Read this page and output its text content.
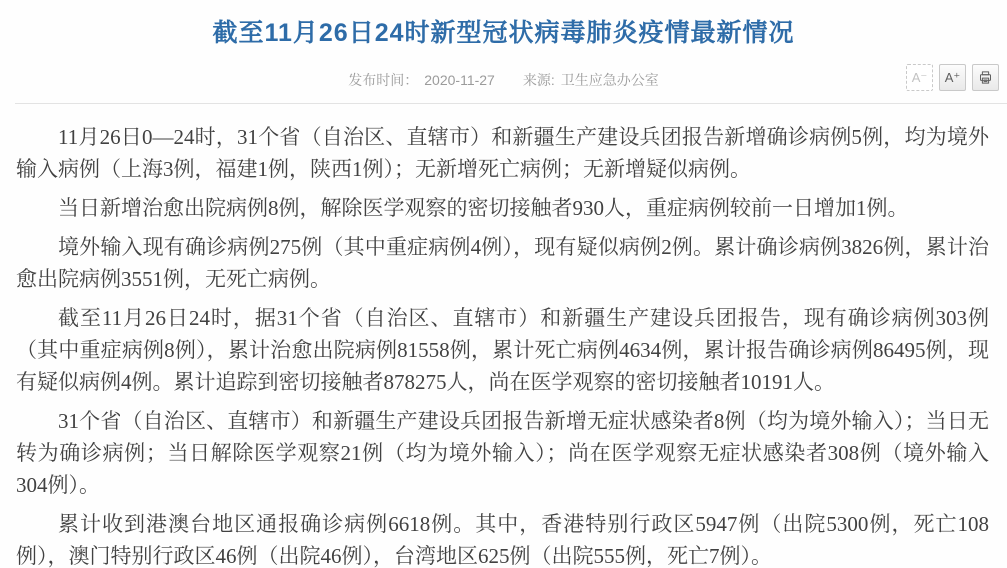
截至11月26日24时新型冠状病毒肺炎疫情最新情况
发布时间： 2020-11-27 来源: 卫生应急办公室	A⁻	A⁺

11月26日0—24时，31个省（自治区、直辖市）和新疆生产建设兵团报告新增确诊病例5例，均为境外输入病例（上海3例，福建1例，陕西1例）；无新增死亡病例；无新增疑似病例。

当日新增治愈出院病例8例，解除医学观察的密切接触者930人，重症病例较前一日增加1例。

境外输入现有确诊病例275例（其中重症病例4例），现有疑似病例2例。累计确诊病例3826例，累计治愈出院病例3551例，无死亡病例。

截至11月26日24时，据31个省（自治区、直辖市）和新疆生产建设兵团报告，现有确诊病例303例（其中重症病例8例），累计治愈出院病例81558例，累计死亡病例4634例，累计报告确诊病例86495例，现有疑似病例4例。累计追踪到密切接触者878275人，尚在医学观察的密切接触者10191人。

31个省（自治区、直辖市）和新疆生产建设兵团报告新增无症状感染者8例（均为境外输入）；当日无转为确诊病例；当日解除医学观察21例（均为境外输入）；尚在医学观察无症状感染者308例（境外输入304例）。

累计收到港澳台地区通报确诊病例6618例。其中，香港特别行政区5947例（出院5300例，死亡108例），澳门特别行政区46例（出院46例），台湾地区625例（出院555例，死亡7例）。
